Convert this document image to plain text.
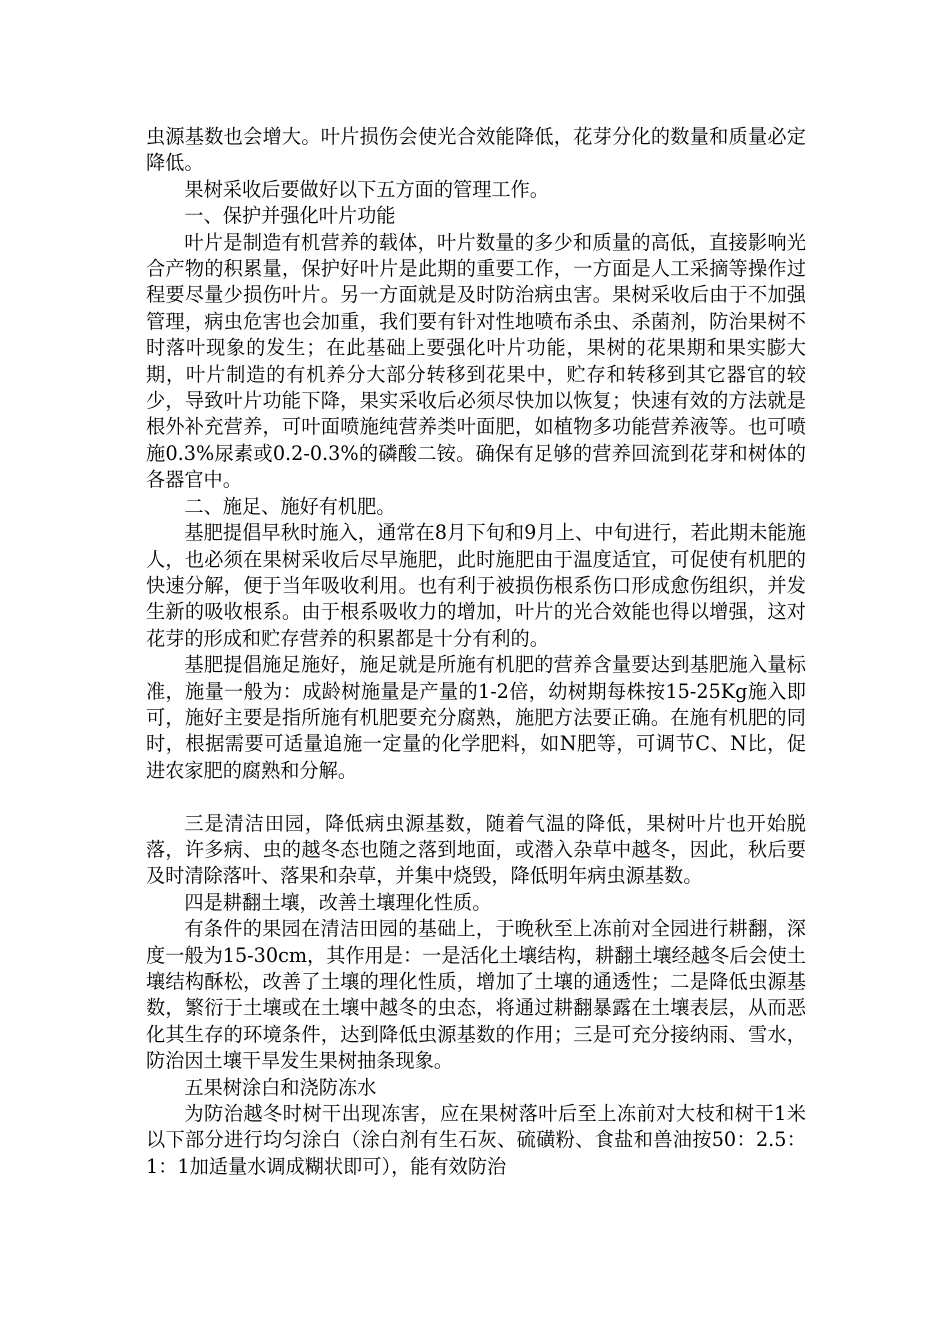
虫源基数也会增大。叶片损伤会使光合效能降低，花芽分化的数量和质量必定降低。

果树采收后要做好以下五方面的管理工作。

一、保护并强化叶片功能

叶片是制造有机营养的载体，叶片数量的多少和质量的高低，直接影响光合产物的积累量，保护好叶片是此期的重要工作，一方面是人工采摘等操作过程要尽量少损伤叶片。另一方面就是及时防治病虫害。果树采收后由于不加强管理，病虫危害也会加重，我们要有针对性地喷布杀虫、杀菌剂，防治果树不时落叶现象的发生；在此基础上要强化叶片功能，果树的花果期和果实膨大期，叶片制造的有机养分大部分转移到花果中，贮存和转移到其它器官的较少，导致叶片功能下降，果实采收后必须尽快加以恢复；快速有效的方法就是根外补充营养，可叶面喷施纯营养类叶面肥，如植物多功能营养液等。也可喷施0.3%尿素或0.2-0.3%的磷酸二铵。确保有足够的营养回流到花芽和树体的各器官中。

二、施足、施好有机肥。

基肥提倡早秋时施入，通常在8月下旬和9月上、中旬进行，若此期未能施人，也必须在果树采收后尽早施肥，此时施肥由于温度适宜，可促使有机肥的快速分解，便于当年吸收利用。也有利于被损伤根系伤口形成愈伤组织，并发生新的吸收根系。由于根系吸收力的增加，叶片的光合效能也得以增强，这对花芽的形成和贮存营养的积累都是十分有利的。

基肥提倡施足施好，施足就是所施有机肥的营养含量要达到基肥施入量标准，施量一般为：成龄树施量是产量的1-2倍，幼树期每株按15-25Kg施入即可，施好主要是指所施有机肥要充分腐熟，施肥方法要正确。在施有机肥的同时，根据需要可适量追施一定量的化学肥料，如N肥等，可调节C、N比，促进农家肥的腐熟和分解。

三是清洁田园，降低病虫源基数，随着气温的降低，果树叶片也开始脱落，许多病、虫的越冬态也随之落到地面，或潜入杂草中越冬，因此，秋后要及时清除落叶、落果和杂草，并集中烧毁，降低明年病虫源基数。

四是耕翻土壤，改善土壤理化性质。

有条件的果园在清洁田园的基础上，于晚秋至上冻前对全园进行耕翻，深度一般为15-30cm，其作用是：一是活化土壤结构，耕翻土壤经越冬后会使土壤结构酥松，改善了土壤的理化性质，增加了土壤的通透性；二是降低虫源基数，繁衍于土壤或在土壤中越冬的虫态，将通过耕翻暴露在土壤表层，从而恶化其生存的环境条件，达到降低虫源基数的作用；三是可充分接纳雨、雪水，防治因土壤干旱发生果树抽条现象。

五果树涂白和浇防冻水

为防治越冬时树干出现冻害，应在果树落叶后至上冻前对大枝和树干1米以下部分进行均匀涂白（涂白剂有生石灰、硫磺粉、食盐和兽油按50：2.5：1：1加适量水调成糊状即可），能有效防治
